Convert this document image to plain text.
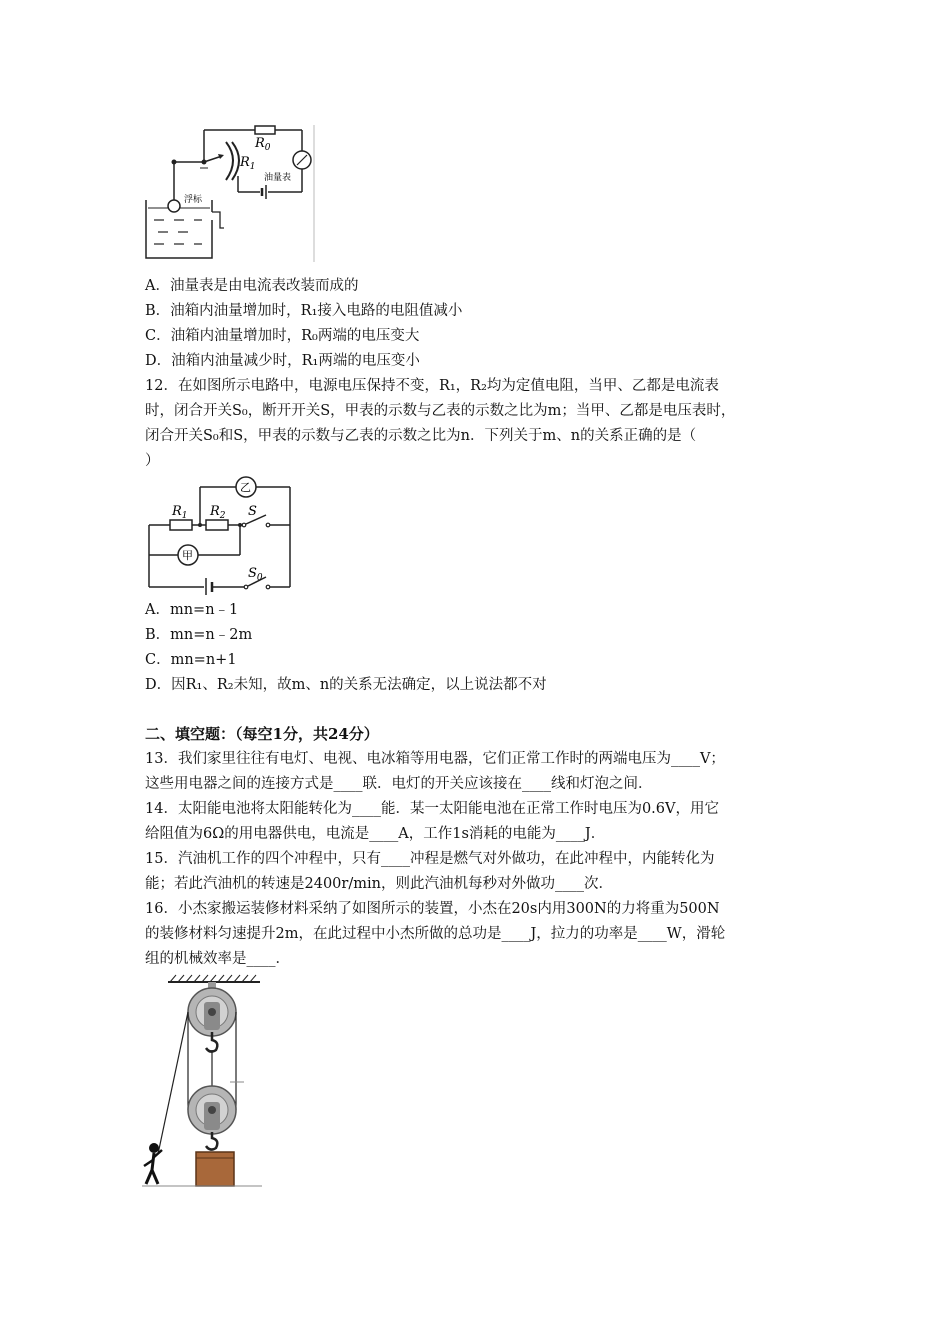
$R_0$
$R_1$
油量表
浮标
A．油量表是由电流表改装而成的
B．油箱内油量增加时，R₁接入电路的电阻值减小
C．油箱内油量增加时，R₀两端的电压变大
D．油箱内油量减少时，R₁两端的电压变小
12．在如图所示电路中，电源电压保持不变，R₁，R₂均为定值电阻，当甲、乙都是电流表
时，闭合开关S₀，断开开关S，甲表的示数与乙表的示数之比为m；当甲、乙都是电压表时，
闭合开关S₀和S，甲表的示数与乙表的示数之比为n．下列关于m、n的关系正确的是（
）
$R_1$ $R_2$ S
$S_0$
乙
甲
A．mn=n﹣1
B．mn=n﹣2m
C．mn=n+1
D．因R₁、R₂未知，故m、n的关系无法确定，以上说法都不对
二、填空题：（每空1分，共24分）
13．我们家里往往有电灯、电视、电冰箱等用电器，它们正常工作时的两端电压为____V；
这些用电器之间的连接方式是____联．电灯的开关应该接在____线和灯泡之间．
14．太阳能电池将太阳能转化为____能．某一太阳能电池在正常工作时电压为0.6V，用它
给阻值为6Ω的用电器供电，电流是____A，工作1s消耗的电能为____J．
15．汽油机工作的四个冲程中，只有____冲程是燃气对外做功，在此冲程中，内能转化为
能；若此汽油机的转速是2400r/min，则此汽油机每秒对外做功____次．
16．小杰家搬运装修材料采纳了如图所示的装置，小杰在20s内用300N的力将重为500N
的装修材料匀速提升2m，在此过程中小杰所做的总功是____J，拉力的功率是____W，滑轮
组的机械效率是____．
